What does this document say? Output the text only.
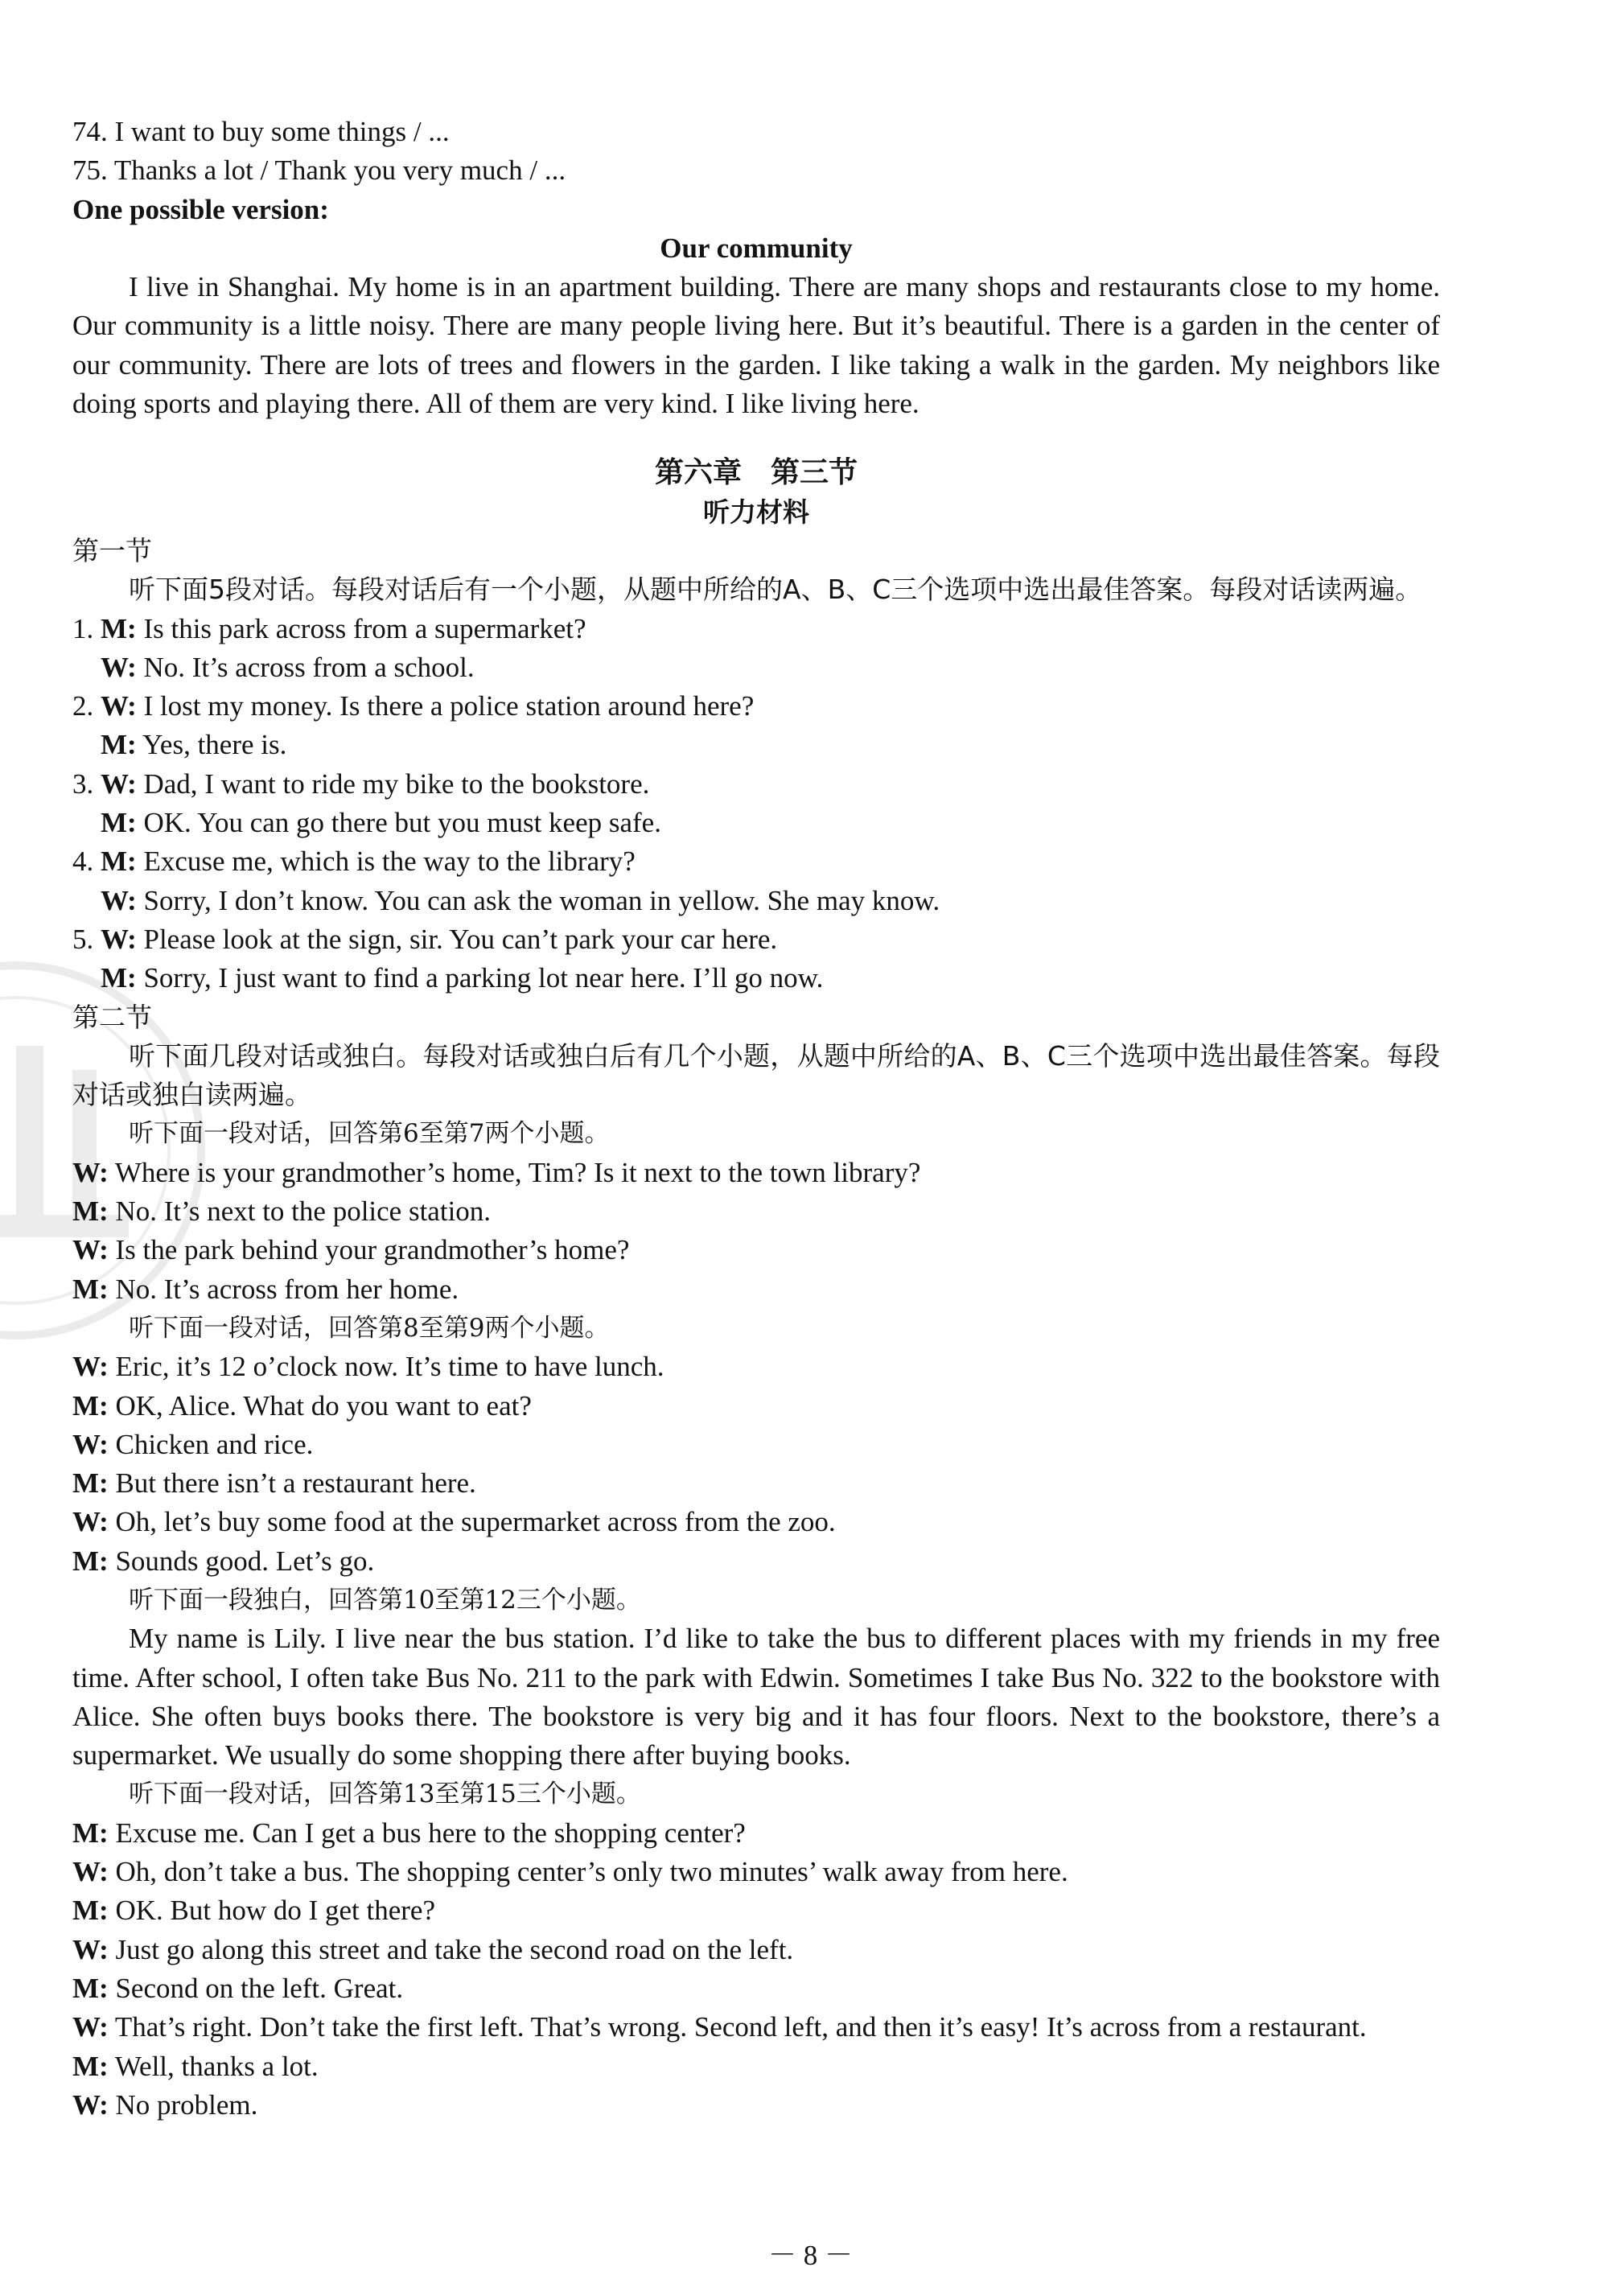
74. I want to buy some things / ...
75. Thanks a lot / Thank you very much / ...
One possible version:
Our community
I live in Shanghai. My home is in an apartment building. There are many shops and restaurants close to my home. Our community is a little noisy. There are many people living here. But it’s beautiful. There is a garden in the center of our community. There are lots of trees and flowers in the garden. I like taking a walk in the garden. My neighbors like doing sports and playing there. All of them are very kind. I like living here.
第六章　第三节
听力材料
第一节
听下面5段对话。每段对话后有一个小题，从题中所给的A、B、C三个选项中选出最佳答案。每段对话读两遍。
1. M: Is this park across from a supermarket?
W: No. It’s across from a school.
2. W: I lost my money. Is there a police station around here?
M: Yes, there is.
3. W: Dad, I want to ride my bike to the bookstore.
M: OK. You can go there but you must keep safe.
4. M: Excuse me, which is the way to the library?
W: Sorry, I don’t know. You can ask the woman in yellow. She may know.
5. W: Please look at the sign, sir. You can’t park your car here.
M: Sorry, I just want to find a parking lot near here. I’ll go now.
第二节
听下面几段对话或独白。每段对话或独白后有几个小题，从题中所给的A、B、C三个选项中选出最佳答案。每段对话或独白读两遍。
听下面一段对话，回答第6至第7两个小题。
W: Where is your grandmother’s home, Tim? Is it next to the town library?
M: No. It’s next to the police station.
W: Is the park behind your grandmother’s home?
M: No. It’s across from her home.
听下面一段对话，回答第8至第9两个小题。
W: Eric, it’s 12 o’clock now. It’s time to have lunch.
M: OK, Alice. What do you want to eat?
W: Chicken and rice.
M: But there isn’t a restaurant here.
W: Oh, let’s buy some food at the supermarket across from the zoo.
M: Sounds good. Let’s go.
听下面一段独白，回答第10至第12三个小题。
My name is Lily. I live near the bus station. I’d like to take the bus to different places with my friends in my free time. After school, I often take Bus No. 211 to the park with Edwin. Sometimes I take Bus No. 322 to the bookstore with Alice. She often buys books there. The bookstore is very big and it has four floors. Next to the bookstore, there’s a supermarket. We usually do some shopping there after buying books.
听下面一段对话，回答第13至第15三个小题。
M: Excuse me. Can I get a bus here to the shopping center?
W: Oh, don’t take a bus. The shopping center’s only two minutes’ walk away from here.
M: OK. But how do I get there?
W: Just go along this street and take the second road on the left.
M: Second on the left. Great.
W: That’s right. Don’t take the first left. That’s wrong. Second left, and then it’s easy! It’s across from a restaurant.
M: Well, thanks a lot.
W: No problem.
－ 8 －
